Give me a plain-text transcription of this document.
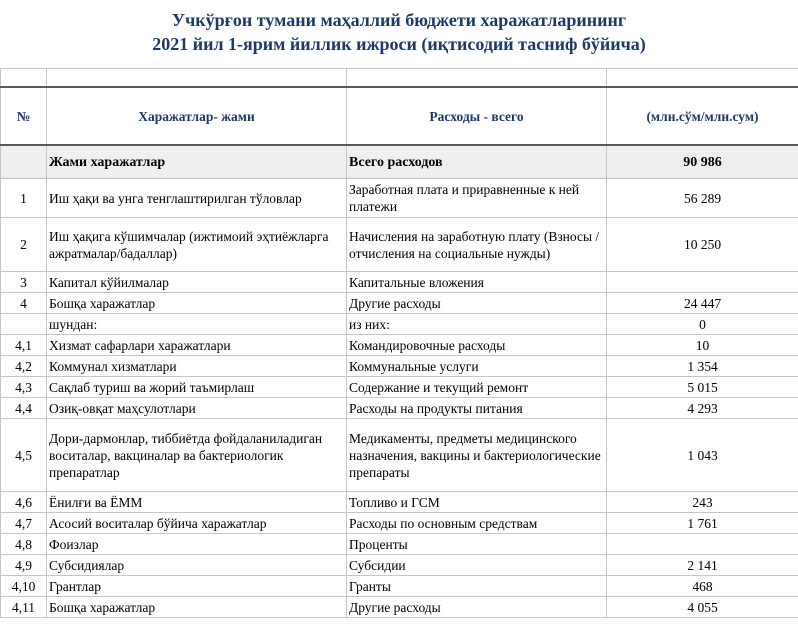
Учкўрғон тумани маҳаллий бюджети харажатларининг
2021 йил 1-ярим йиллик ижроси (иқтисодий тасниф бўйича)

№	Харажатлар- жами	Расходы - всего	(млн.сўм/млн.сум)
	Жами харажатлар	Всего расходов	90 986
1	Иш ҳақи ва унга тенглаштирилган тўловлар	Заработная плата и приравненные к ней платежи	56 289
2	Иш ҳақига кўшимчалар (ижтимоий эҳтиёжларга ажратмалар/бадаллар)	Начисления на заработную плату (Взносы / отчисления на социальные нужды)	10 250
3	Капитал кўйилмалар	Капитальные вложения	
4	Бошқа харажатлар	Другие расходы	24 447
	шундан:	из них:	0
4,1	Хизмат сафарлари харажатлари	Командировочные расходы	10
4,2	Коммунал хизматлари	Коммунальные услуги	1 354
4,3	Сақлаб туриш ва жорий таъмирлаш	Содержание и текущий ремонт	5 015
4,4	Озиқ-овқат маҳсулотлари	Расходы на продукты питания	4 293
4,5	Дори-дармонлар, тиббиётда фойдаланиладиган воситалар, вакциналар ва бактериологик препаратлар	Медикаменты, предметы медицинского назначения, вакцины и бактериологические препараты	1 043
4,6	Ёнилғи ва ЁММ	Топливо и ГСМ	243
4,7	Асосий воситалар бўйича харажатлар	Расходы по основным средствам	1 761
4,8	Фоизлар	Проценты	
4,9	Субсидиялар	Субсидии	2 141
4,10	Грантлар	Гранты	468
4,11	Бошқа харажатлар	Другие расходы	4 055
